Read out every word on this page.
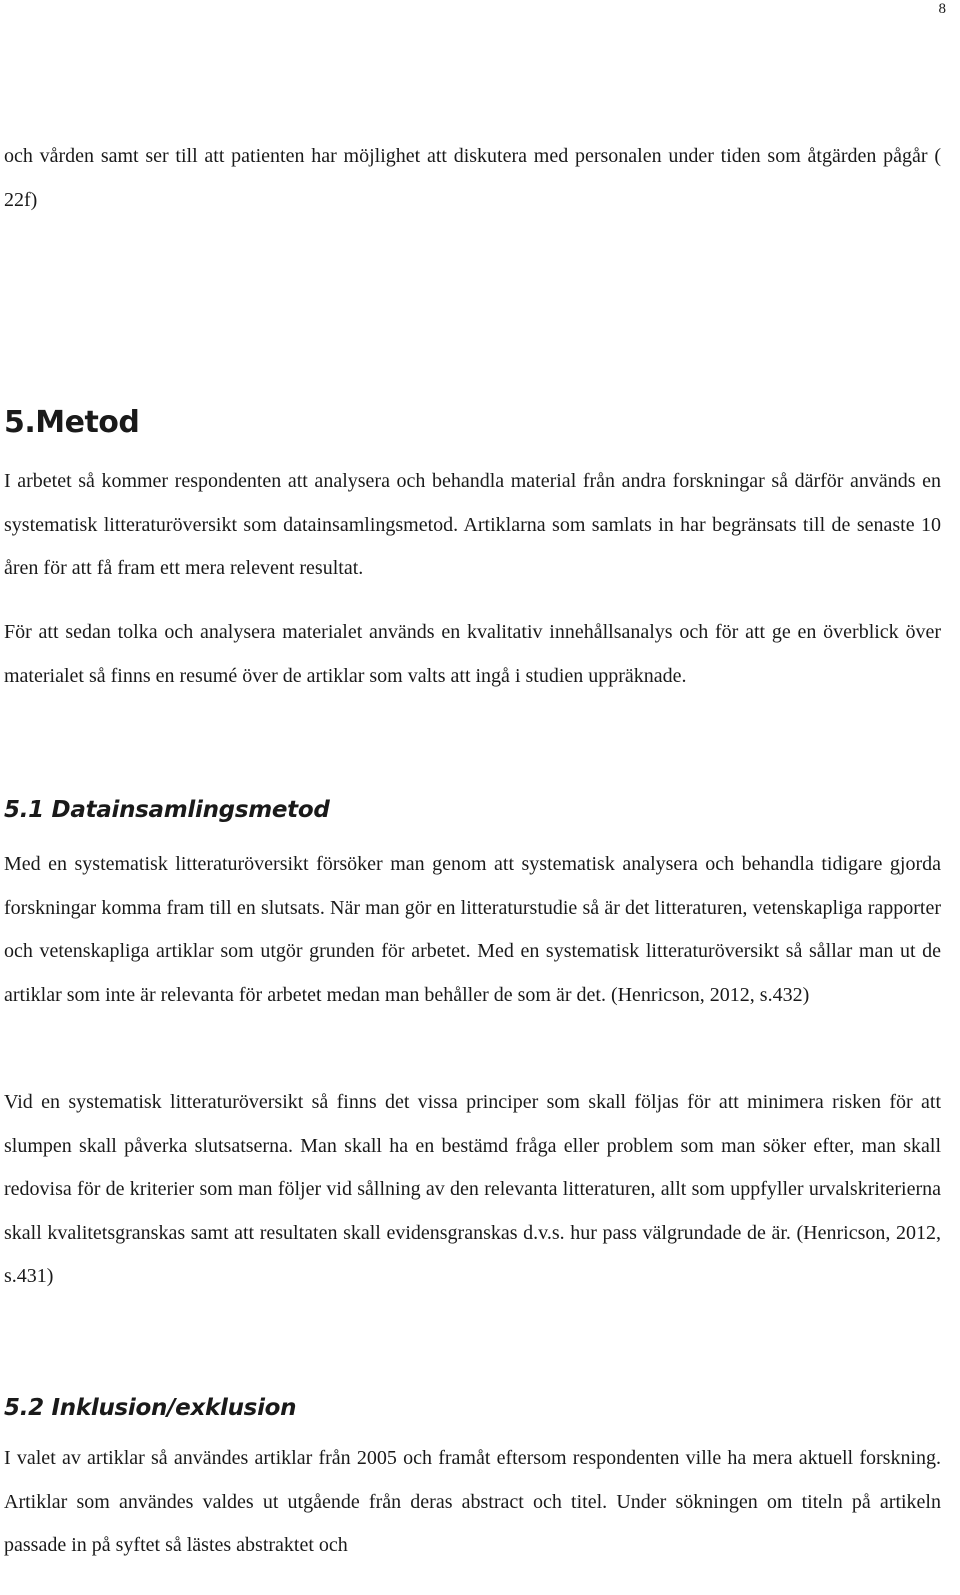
8

och vården samt ser till att patienten har möjlighet att diskutera med personalen under tiden som åtgärden pågår ( 22f)

5.Metod

I arbetet så kommer respondenten att analysera och behandla material från andra forskningar så därför används en systematisk litteraturöversikt som datainsamlingsmetod. Artiklarna som samlats in har begränsats till de senaste 10 åren för att få fram ett mera relevent resultat.

För att sedan tolka och analysera materialet används en kvalitativ innehållsanalys och för att ge en överblick över materialet så finns en resumé över de artiklar som valts att ingå i studien uppräknade.

5.1 Datainsamlingsmetod

Med en systematisk litteraturöversikt försöker man genom att systematisk analysera och behandla tidigare gjorda forskningar komma fram till en slutsats. När man gör en litteraturstudie så är det litteraturen, vetenskapliga rapporter och vetenskapliga artiklar som utgör grunden för arbetet. Med en systematisk litteraturöversikt så sållar man ut de artiklar som inte är relevanta för arbetet medan man behåller de som är det. (Henricson, 2012, s.432)

Vid en systematisk litteraturöversikt så finns det vissa principer som skall följas för att minimera risken för att slumpen skall påverka slutsatserna. Man skall ha en bestämd fråga eller problem som man söker efter, man skall redovisa för de kriterier som man följer vid sållning av den relevanta litteraturen, allt som uppfyller urvalskriterierna skall kvalitetsgranskas samt att resultaten skall evidensgranskas d.v.s. hur pass välgrundade de är. (Henricson, 2012, s.431)

5.2 Inklusion/exklusion

I valet av artiklar så användes artiklar från 2005 och framåt eftersom respondenten ville ha mera aktuell forskning. Artiklar som användes valdes ut utgående från deras abstract och titel. Under sökningen om titeln på artikeln passade in på syftet så lästes abstraktet och
